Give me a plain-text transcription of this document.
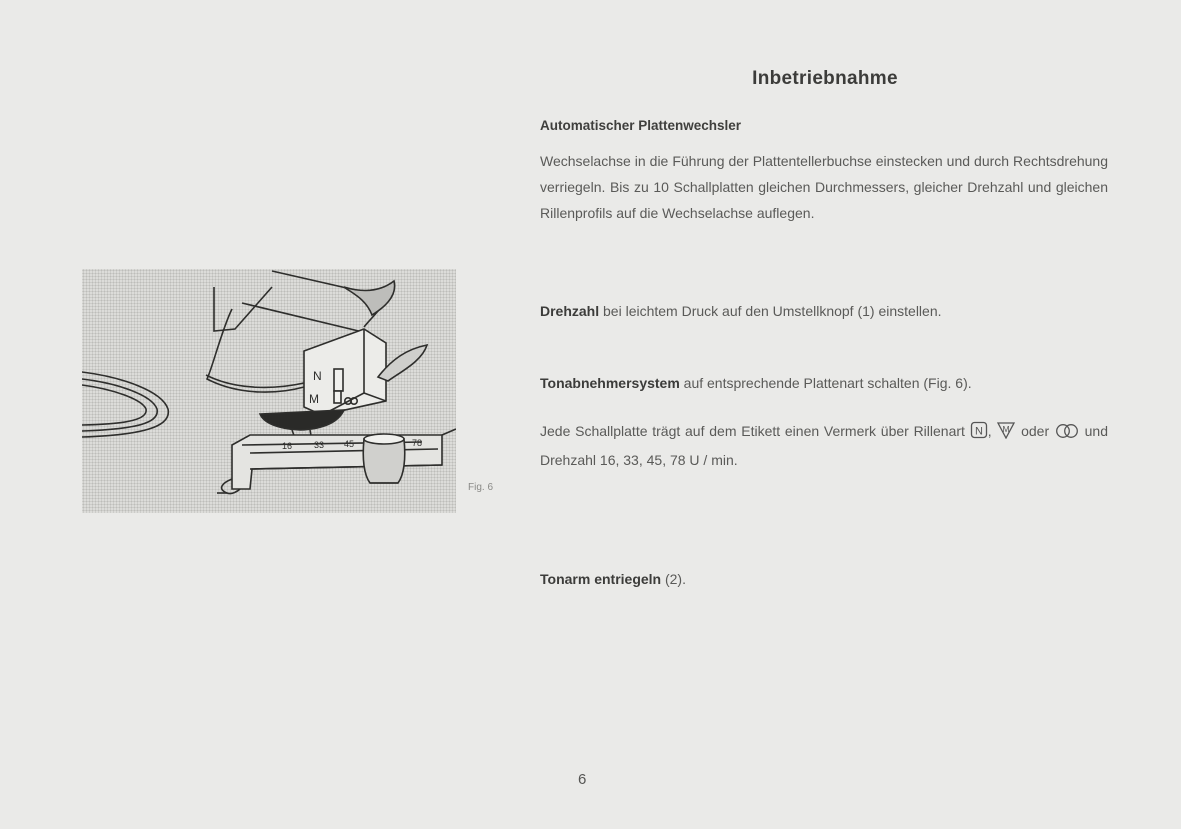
Inbetriebnahme
Automatischer Plattenwechsler
Wechselachse in die Führung der Plattentellerbuchse einstecken und durch Rechtsdrehung verriegeln. Bis zu 10 Schallplatten gleichen Durchmessers, gleicher Drehzahl und gleichen Rillenprofils auf die Wechselachse auflegen.
Drehzahl bei leichtem Druck auf den Umstellknopf (1) einstellen.
Tonabnehmersystem auf entsprechende Plattenart schalten (Fig. 6).
Jede Schallplatte trägt auf dem Etikett einen Vermerk über Rillenart N , M oder  und Drehzahl 16, 33, 45, 78 U / min.
Tonarm entriegeln (2).
N
M
16 33 45	78
Fig. 6
6
